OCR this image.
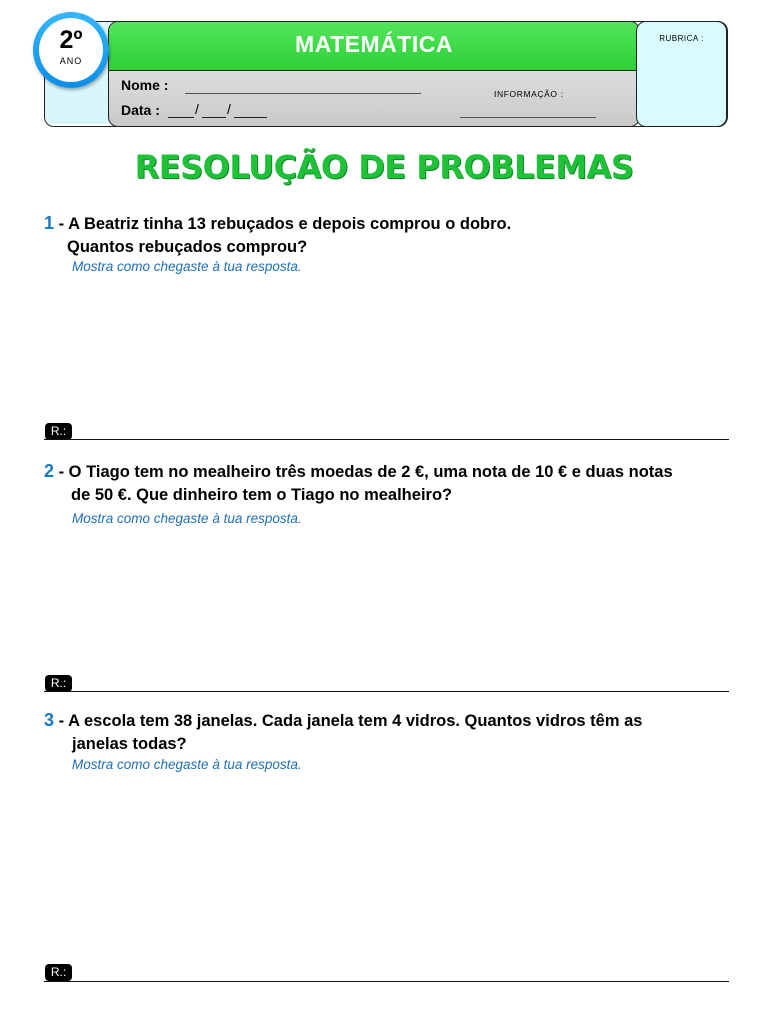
MATEMÁTICA
Nome :
Data :	/ /
INFORMAÇÃO :
RUBRICA :
2º
ANO
RESOLUÇÃO DE PROBLEMAS
1 - A Beatriz tinha 13 rebuçados e depois comprou o dobro.
Quantos rebuçados comprou?
Mostra como chegaste à tua resposta.
R.:
2 - O Tiago tem no mealheiro três moedas de 2 €, uma nota de 10 € e duas notas
de 50 €. Que dinheiro tem o Tiago no mealheiro?
Mostra como chegaste à tua resposta.
R.:
3 - A escola tem 38 janelas. Cada janela tem 4 vidros. Quantos vidros têm as
janelas todas?
Mostra como chegaste à tua resposta.
R.:
